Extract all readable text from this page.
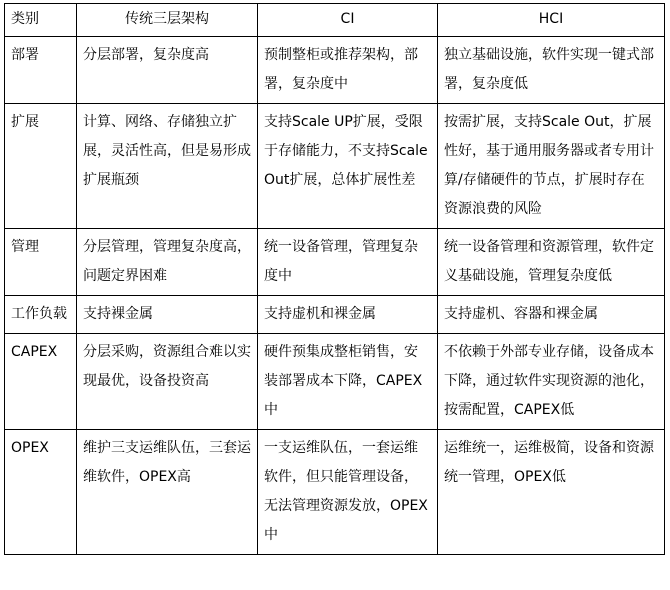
类别	传统三层架构	CI	HCI
部署	分层部署，复杂度高	预制整柜或推荐架构，部署，复杂度中	独立基础设施，软件实现一键式部署，复杂度低
扩展	计算、网络、存储独立扩展，灵活性高，但是易形成扩展瓶颈	支持Scale UP扩展，受限于存储能力，不支持Scale Out扩展，总体扩展性差	按需扩展，支持Scale Out，扩展性好，基于通用服务器或者专用计算/存储硬件的节点，扩展时存在资源浪费的风险
管理	分层管理，管理复杂度高，问题定界困难	统一设备管理，管理复杂度中	统一设备管理和资源管理，软件定义基础设施，管理复杂度低
工作负载	支持裸金属	支持虚机和裸金属	支持虚机、容器和裸金属
CAPEX	分层采购，资源组合难以实现最优，设备投资高	硬件预集成整柜销售，安装部署成本下降，CAPEX中	不依赖于外部专业存储，设备成本下降，通过软件实现资源的池化，按需配置，CAPEX低
OPEX	维护三支运维队伍，三套运维软件，OPEX高	一支运维队伍，一套运维软件，但只能管理设备，无法管理资源发放，OPEX中	运维统一，运维极简，设备和资源统一管理，OPEX低
